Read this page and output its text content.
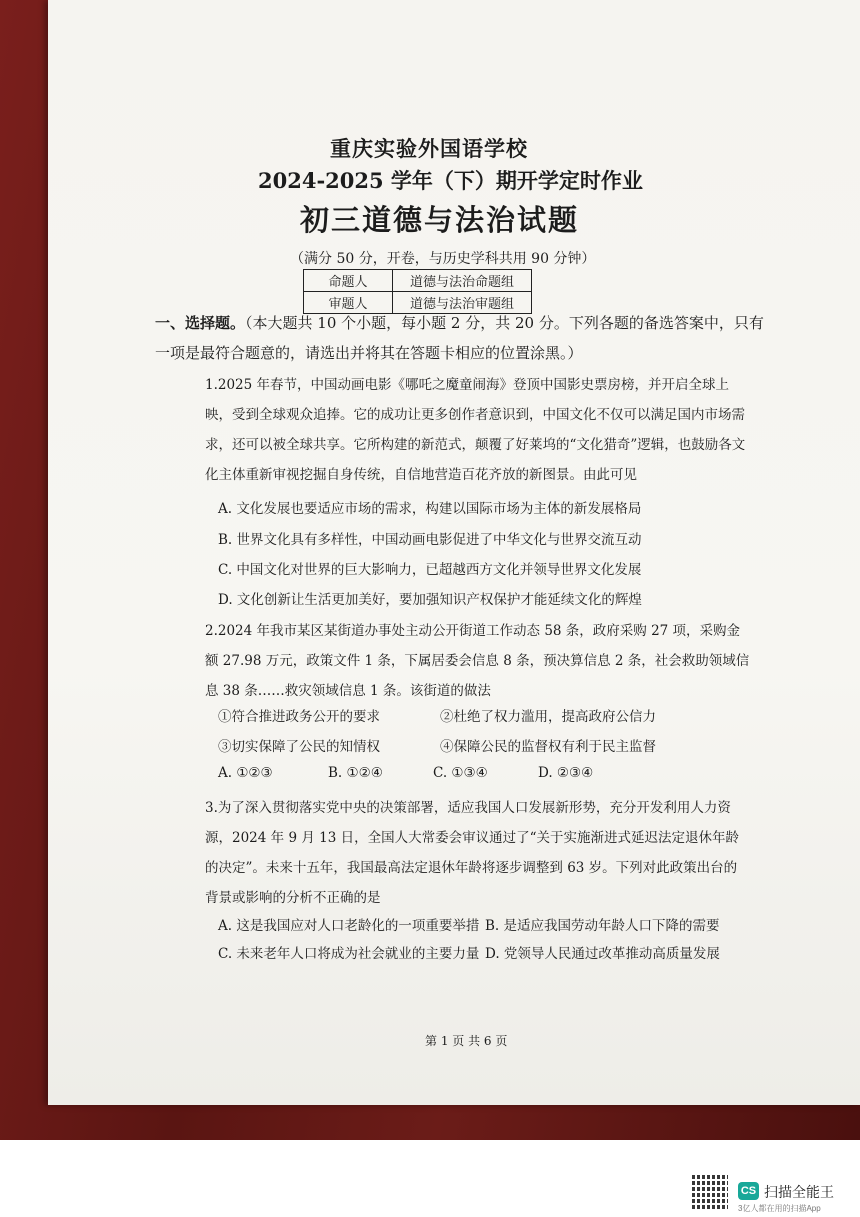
重庆实验外国语学校
2024-2025 学年（下）期开学定时作业
初三道德与法治试题
（满分 50 分，开卷，与历史学科共用 90 分钟）
命题人	道德与法治命题组
审题人	道德与法治审题组
一、选择题。（本大题共 10 个小题，每小题 2 分，共 20 分。下列各题的备选答案中，只有一项是最符合题意的，请选出并将其在答题卡相应的位置涂黑。）
1.2025 年春节，中国动画电影《哪吒之魔童闹海》登顶中国影史票房榜，并开启全球上映，受到全球观众追捧。它的成功让更多创作者意识到，中国文化不仅可以满足国内市场需求，还可以被全球共享。它所构建的新范式，颠覆了好莱坞的“文化猎奇”逻辑，也鼓励各文化主体重新审视挖掘自身传统，自信地营造百花齐放的新图景。由此可见
A. 文化发展也要适应市场的需求，构建以国际市场为主体的新发展格局
B. 世界文化具有多样性，中国动画电影促进了中华文化与世界交流互动
C. 中国文化对世界的巨大影响力，已超越西方文化并领导世界文化发展
D. 文化创新让生活更加美好，要加强知识产权保护才能延续文化的辉煌
2.2024 年我市某区某街道办事处主动公开街道工作动态 58 条，政府采购 27 项，采购金额 27.98 万元，政策文件 1 条，下属居委会信息 8 条，预决算信息 2 条，社会救助领域信息 38 条……救灾领域信息 1 条。该街道的做法
①符合推进政务公开的要求	②杜绝了权力滥用，提高政府公信力
③切实保障了公民的知情权	④保障公民的监督权有利于民主监督
A. ①②③	B. ①②④	C. ①③④	D. ②③④
3.为了深入贯彻落实党中央的决策部署，适应我国人口发展新形势，充分开发利用人力资源，2024 年 9 月 13 日，全国人大常委会审议通过了“关于实施渐进式延迟法定退休年龄的决定”。未来十五年，我国最高法定退休年龄将逐步调整到 63 岁。下列对此政策出台的背景或影响的分析不正确的是
A. 这是我国应对人口老龄化的一项重要举措 B. 是适应我国劳动年龄人口下降的需要
C. 未来老年人口将成为社会就业的主要力量 D. 党领导人民通过改革推动高质量发展
第 1 页 共 6 页
CS 扫描全能王
3亿人都在用的扫描App
